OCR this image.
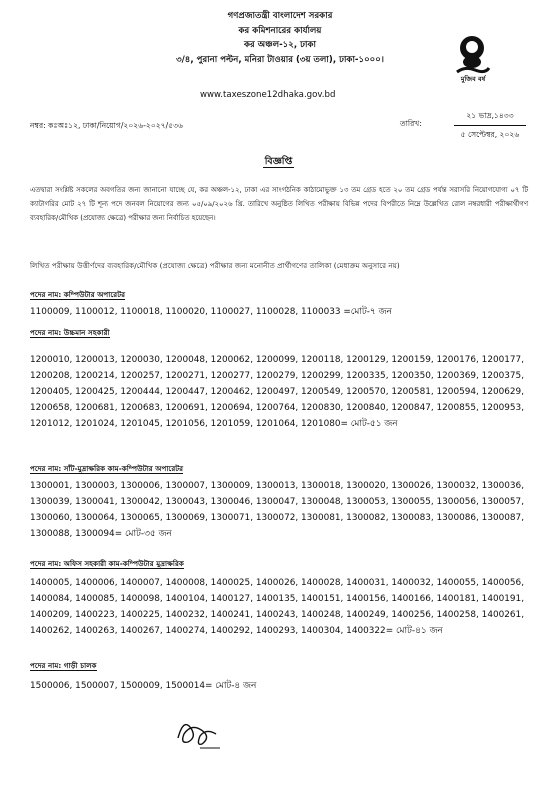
গণপ্রজাতন্ত্রী বাংলাদেশ সরকার
কর কমিশনারের কার্যালয়
কর অঞ্চল-১২, ঢাকা
৩/৪, পুরানা পল্টন, মনিরা টাওয়ার (৩য় তলা), ঢাকা-১০০০।
www.taxeszone12dhaka.gov.bd
মুজিব বর্ষ
নম্বর: কঃঅঃ১২, ঢাকা/নিয়োগ/২০২৬-২০২৭/৫৩৬	তারিখ:
২১ ভাদ্র,১৪৩৩
৫ সেপ্টেম্বর, ২০২৬
বিজ্ঞপ্তি
এতদ্বারা সংশ্লিষ্ট সকলের অবগতির জন্য জানানো যাচ্ছে যে, কর অঞ্চল-১২, ঢাকা এর সাংগঠনিক কাঠামোভুক্ত ১৩ তম গ্রেড হতে ২০ তম গ্রেড পর্যন্ত সরাসরি নিয়োগযোগ্য ০৭ টি ক্যাটাগরির মোট ২৭ টি শূন্য পদে জনবল নিয়োগের জন্য ০৫/০৯/২০২৬ খ্রি. তারিখে অনুষ্ঠিত লিখিত পরীক্ষায় বিভিন্ন পদের বিপরীতে নিম্নে উল্লেখিত রোল নম্বরধারী পরীক্ষার্থীগণ ব্যবহারিক/মৌখিক (প্রযোজ্য ক্ষেত্রে) পরীক্ষার জন্য নির্বাচিত হয়েছেন।
লিখিত পরীক্ষায় উত্তীর্ণদের ব্যবহারিক/মৌখিক (প্রযোজ্য ক্ষেত্রে) পরীক্ষার জন্য মনোনীত প্রার্থীগণের তালিকা (মেধাক্রম অনুসারে নয়)
পদের নাম: কম্পিউটার অপারেটর
1100009, 1100012, 1100018, 1100020, 1100027, 1100028, 1100033 =মোট-৭ জন
পদের নাম: উচ্চমান সহকারী
1200010, 1200013, 1200030, 1200048, 1200062, 1200099, 1200118, 1200129, 1200159, 1200176, 1200177, 1200208, 1200214, 1200257, 1200271, 1200277, 1200279, 1200299, 1200335, 1200350, 1200369, 1200375, 1200405, 1200425, 1200444, 1200447, 1200462, 1200497, 1200549, 1200570, 1200581, 1200594, 1200629, 1200658, 1200681, 1200683, 1200691, 1200694, 1200764, 1200830, 1200840, 1200847, 1200855, 1200953, 1201012, 1201024, 1201045, 1201056, 1201059, 1201064, 1201080= মোট-৫১ জন
পদের নাম: সাঁট-মুদ্রাক্ষরিক কাম-কম্পিউটার অপারেটর
1300001, 1300003, 1300006, 1300007, 1300009, 1300013, 1300018, 1300020, 1300026, 1300032, 1300036, 1300039, 1300041, 1300042, 1300043, 1300046, 1300047, 1300048, 1300053, 1300055, 1300056, 1300057, 1300060, 1300064, 1300065, 1300069, 1300071, 1300072, 1300081, 1300082, 1300083, 1300086, 1300087, 1300088, 1300094= মোট-৩৫ জন
পদের নাম: অফিস সহকারী কাম-কম্পিউটার মুদ্রাক্ষরিক
1400005, 1400006, 1400007, 1400008, 1400025, 1400026, 1400028, 1400031, 1400032, 1400055, 1400056, 1400084, 1400085, 1400098, 1400104, 1400127, 1400135, 1400151, 1400156, 1400166, 1400181, 1400191, 1400209, 1400223, 1400225, 1400232, 1400241, 1400243, 1400248, 1400249, 1400256, 1400258, 1400261, 1400262, 1400263, 1400267, 1400274, 1400292, 1400293, 1400304, 1400322= মোট-৪১ জন
পদের নাম: গাড়ী চালক
1500006, 1500007, 1500009, 1500014= মোট-৪ জন
